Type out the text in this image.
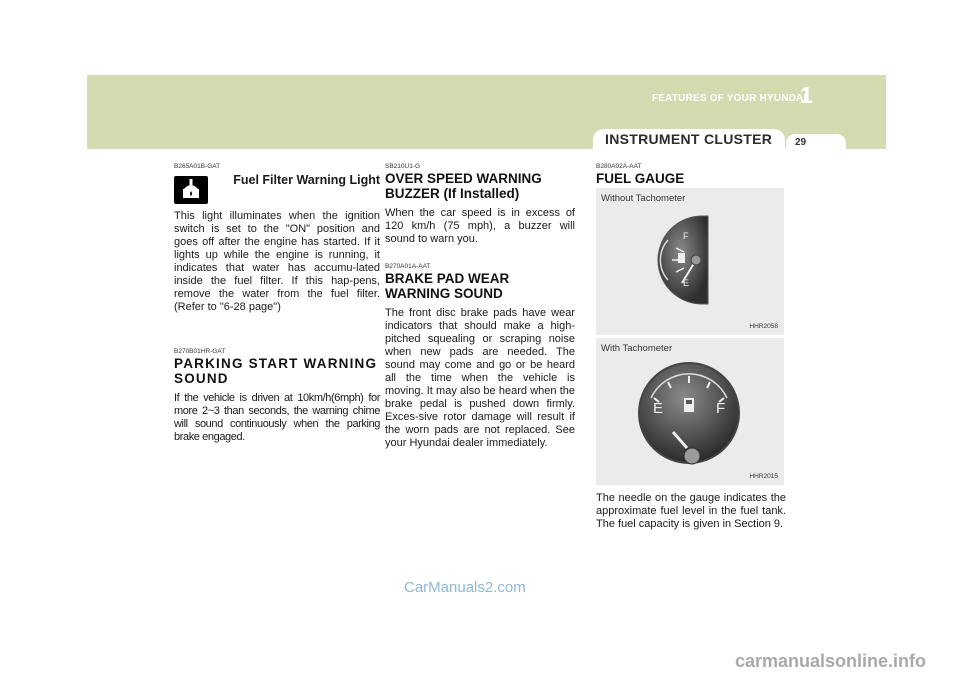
FEATURES OF YOUR HYUNDAI
1
INSTRUMENT CLUSTER 29
B265A01B-GAT
Fuel Filter Warning Light

This light illuminates when the ignition switch is set to the "ON" position and goes off after the engine has started. If it lights up while the engine is running, it indicates that water has accumu-lated inside the fuel filter. If this hap-pens, remove the water from the fuel filter. (Refer to "6-28 page")

B270B01HR-GAT
PARKING START WARNING SOUND

If the vehicle is driven at 10km/h(6mph) for more 2~3 than seconds, the warning chime will sound continuously when the parking brake engaged.

SB210U1-G
OVER SPEED WARNING BUZZER (If Installed)

When the car speed is in excess of 120 km/h (75 mph), a buzzer will sound to warn you.

B270A01A-AAT
BRAKE PAD WEAR WARNING SOUND

The front disc brake pads have wear indicators that should make a high-pitched squealing or scraping noise when new pads are needed. The sound may come and go or be heard all the time when the vehicle is moving. It may also be heard when the brake pedal is pushed down firmly. Exces-sive rotor damage will result if the worn pads are not replaced. See your Hyundai dealer immediately.

B280A02A-AAT
FUEL GAUGE
Without Tachometer
F
E
HHR2058
With Tachometer
E	F
HHR2015

The needle on the gauge indicates the approximate fuel level in the fuel tank. The fuel capacity is given in Section 9.

CarManuals2.com
carmanualsonline.info
